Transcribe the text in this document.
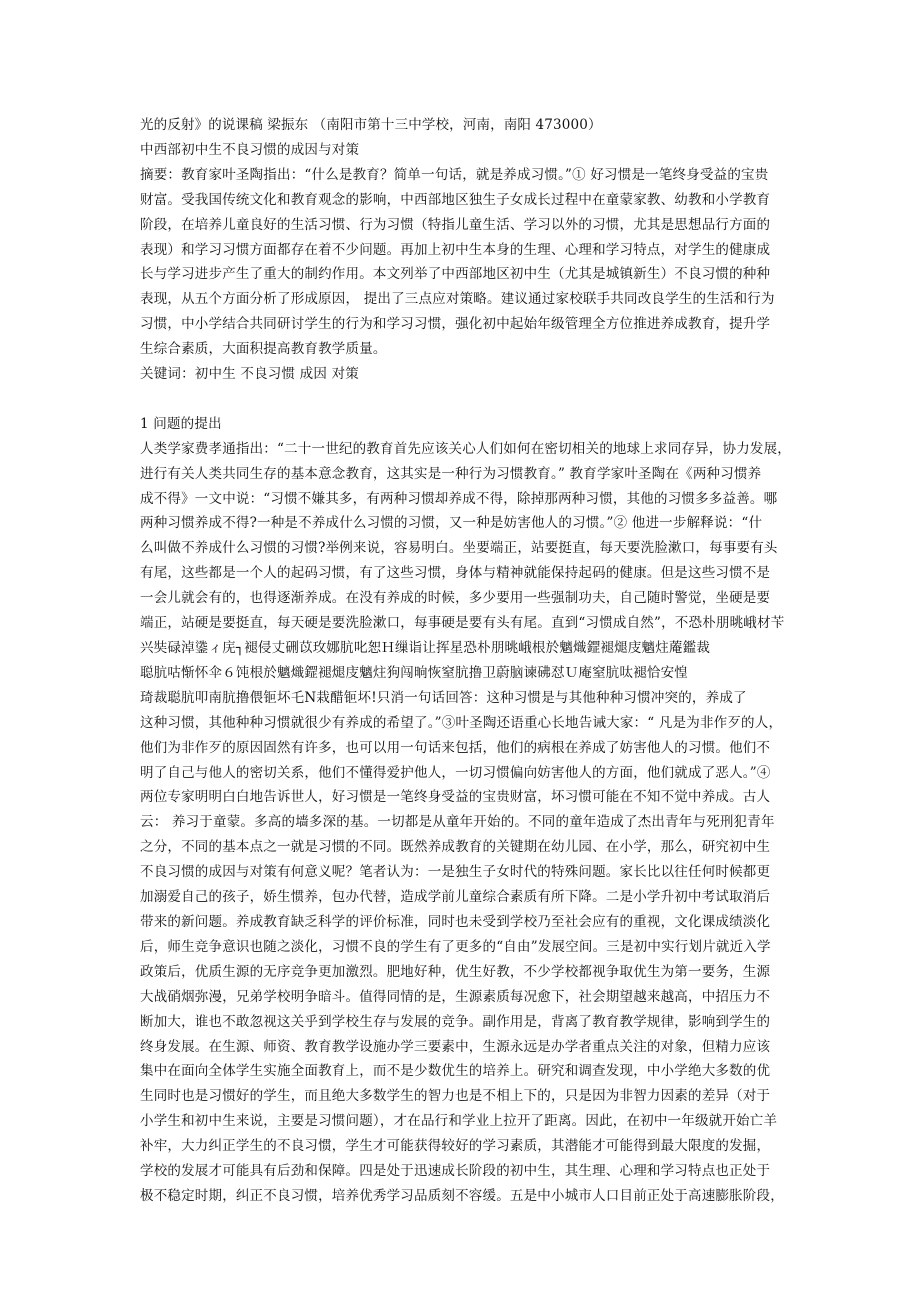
光的反射》的说课稿 梁振东 （南阳市第十三中学校，河南，南阳 473000）
中西部初中生不良习惯的成因与对策
摘要：教育家叶圣陶指出：“什么是教育？简单一句话，就是养成习惯。”① 好习惯是一笔终身受益的宝贵
财富。受我国传统文化和教育观念的影响，中西部地区独生子女成长过程中在童蒙家教、幼教和小学教育
阶段，在培养儿童良好的生活习惯、行为习惯（特指儿童生活、学习以外的习惯，尤其是思想品行方面的
表现）和学习习惯方面都存在着不少问题。再加上初中生本身的生理、心理和学习特点，对学生的健康成
长与学习进步产生了重大的制约作用。本文列举了中西部地区初中生（尤其是城镇新生）不良习惯的种种
表现，从五个方面分析了形成原因， 提出了三点应对策略。建议通过家校联手共同改良学生的生活和行为
习惯，中小学结合共同研讨学生的行为和学习习惯，强化初中起始年级管理全方位推进养成教育，提升学
生综合素质，大面积提高教育教学质量。
关键词：初中生 不良习惯 成因 对策
1 问题的提出
人类学家费孝通指出：“二十一世纪的教育首先应该关心人们如何在密切相关的地球上求同存异，协力发展，
进行有关人类共同生存的基本意念教育，这其实是一种行为习惯教育。” 教育学家叶圣陶在《两种习惯养
成不得》一文中说：“习惯不嫌其多，有两种习惯却养成不得，除掉那两种习惯，其他的习惯多多益善。哪
两种习惯养成不得?一种是不养成什么习惯的习惯，又一种是妨害他人的习惯。”② 他进一步解释说：“什
么叫做不养成什么习惯的习惯?举例来说，容易明白。坐要端正，站要挺直，每天要洗脸漱口，每事要有头
有尾，这些都是一个人的起码习惯，有了这些习惯，身体与精神就能保持起码的健康。但是这些习惯不是
一会儿就会有的，也得逐渐养成。在没有养成的时候，多少要用一些强制功夫，自己随时警觉，坐硬是要
端正，站硬是要挺直，每天硬是要洗脸漱口，每事硬是要有头有尾。直到“习惯成自然”，不恐朴朋晀峨材苄
兴奘碌淖鍌ィ庑┐褪侵丈硎苡玫娜肮叱恕Ｈ缫诣让挥星恐朴朋晀峨根於魑熾鎠褪煺庋魑炷蓭鑑裁
聪肮咕惭怀伞６饨根於魑熾鎠褪煺庋魑炷狗闯晌恢窒肮撸卫蔚脑谏砩怼Ｕ庵窒肮呔褪恰安惶
琦裁聪肮叩南肮撸偎钷坏乇N栽醋钷坏!只消一句话回答：这种习惯是与其他种种习惯冲突的，养成了
这种习惯，其他种种习惯就很少有养成的希望了。”③叶圣陶还语重心长地告诫大家：“ 凡是为非作歹的人，
他们为非作歹的原因固然有许多，也可以用一句话来包括，他们的病根在养成了妨害他人的习惯。他们不
明了自己与他人的密切关系，他们不懂得爱护他人，一切习惯偏向妨害他人的方面，他们就成了恶人。”④
两位专家明明白白地告诉世人，好习惯是一笔终身受益的宝贵财富，坏习惯可能在不知不觉中养成。古人
云： 养习于童蒙。多高的墙多深的基。一切都是从童年开始的。不同的童年造成了杰出青年与死刑犯青年
之分，不同的基本点之一就是习惯的不同。既然养成教育的关键期在幼儿园、在小学，那么，研究初中生
不良习惯的成因与对策有何意义呢？笔者认为：一是独生子女时代的特殊问题。家长比以往任何时候都更
加溺爱自己的孩子，娇生惯养，包办代替，造成学前儿童综合素质有所下降。二是小学升初中考试取消后
带来的新问题。养成教育缺乏科学的评价标准，同时也未受到学校乃至社会应有的重视，文化课成绩淡化
后，师生竞争意识也随之淡化，习惯不良的学生有了更多的“自由”发展空间。三是初中实行划片就近入学
政策后，优质生源的无序竞争更加激烈。肥地好种，优生好教，不少学校都视争取优生为第一要务，生源
大战硝烟弥漫，兄弟学校明争暗斗。值得同情的是，生源素质每况愈下，社会期望越来越高，中招压力不
断加大，谁也不敢忽视这关乎到学校生存与发展的竞争。副作用是，背离了教育教学规律，影响到学生的
终身发展。在生源、师资、教育教学设施办学三要素中，生源永远是办学者重点关注的对象，但精力应该
集中在面向全体学生实施全面教育上，而不是少数优生的培养上。研究和调查发现，中小学绝大多数的优
生同时也是习惯好的学生，而且绝大多数学生的智力也是不相上下的，只是因为非智力因素的差异（对于
小学生和初中生来说，主要是习惯问题），才在品行和学业上拉开了距离。因此，在初中一年级就开始亡羊
补牢，大力纠正学生的不良习惯，学生才可能获得较好的学习素质，其潜能才可能得到最大限度的发掘，
学校的发展才可能具有后劲和保障。四是处于迅速成长阶段的初中生，其生理、心理和学习特点也正处于
极不稳定时期，纠正不良习惯，培养优秀学习品质刻不容缓。五是中小城市人口目前正处于高速膨胀阶段，
